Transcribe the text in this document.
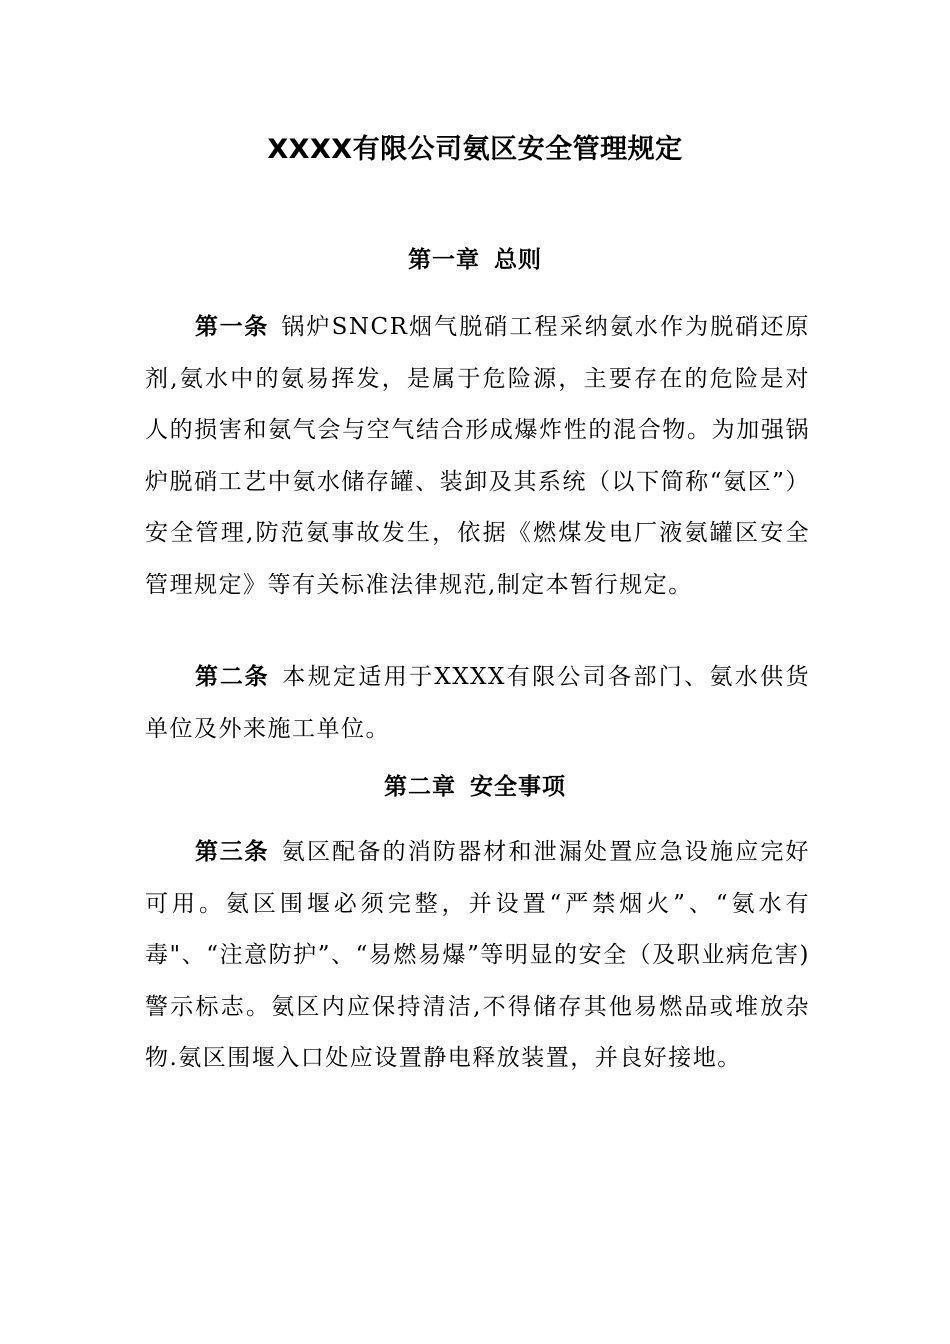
XXXX有限公司氨区安全管理规定
第一章 总则

第一条 锅炉SNCR烟气脱硝工程采纳氨水作为脱硝还原剂,氨水中的氨易挥发，是属于危险源，主要存在的危险是对人的损害和氨气会与空气结合形成爆炸性的混合物。为加强锅炉脱硝工艺中氨水储存罐、装卸及其系统（以下简称“氨区”）安全管理,防范氨事故发生，依据《燃煤发电厂液氨罐区安全管理规定》等有关标准法律规范,制定本暂行规定。

第二条 本规定适用于XXXX有限公司各部门、氨水供货单位及外来施工单位。

第二章 安全事项

第三条 氨区配备的消防器材和泄漏处置应急设施应完好可用。氨区围堰必须完整，并设置“严禁烟火”、“氨水有毒"、“注意防护”、“易燃易爆”等明显的安全（及职业病危害)警示标志。氨区内应保持清洁,不得储存其他易燃品或堆放杂物.氨区围堰入口处应设置静电释放装置，并良好接地。
